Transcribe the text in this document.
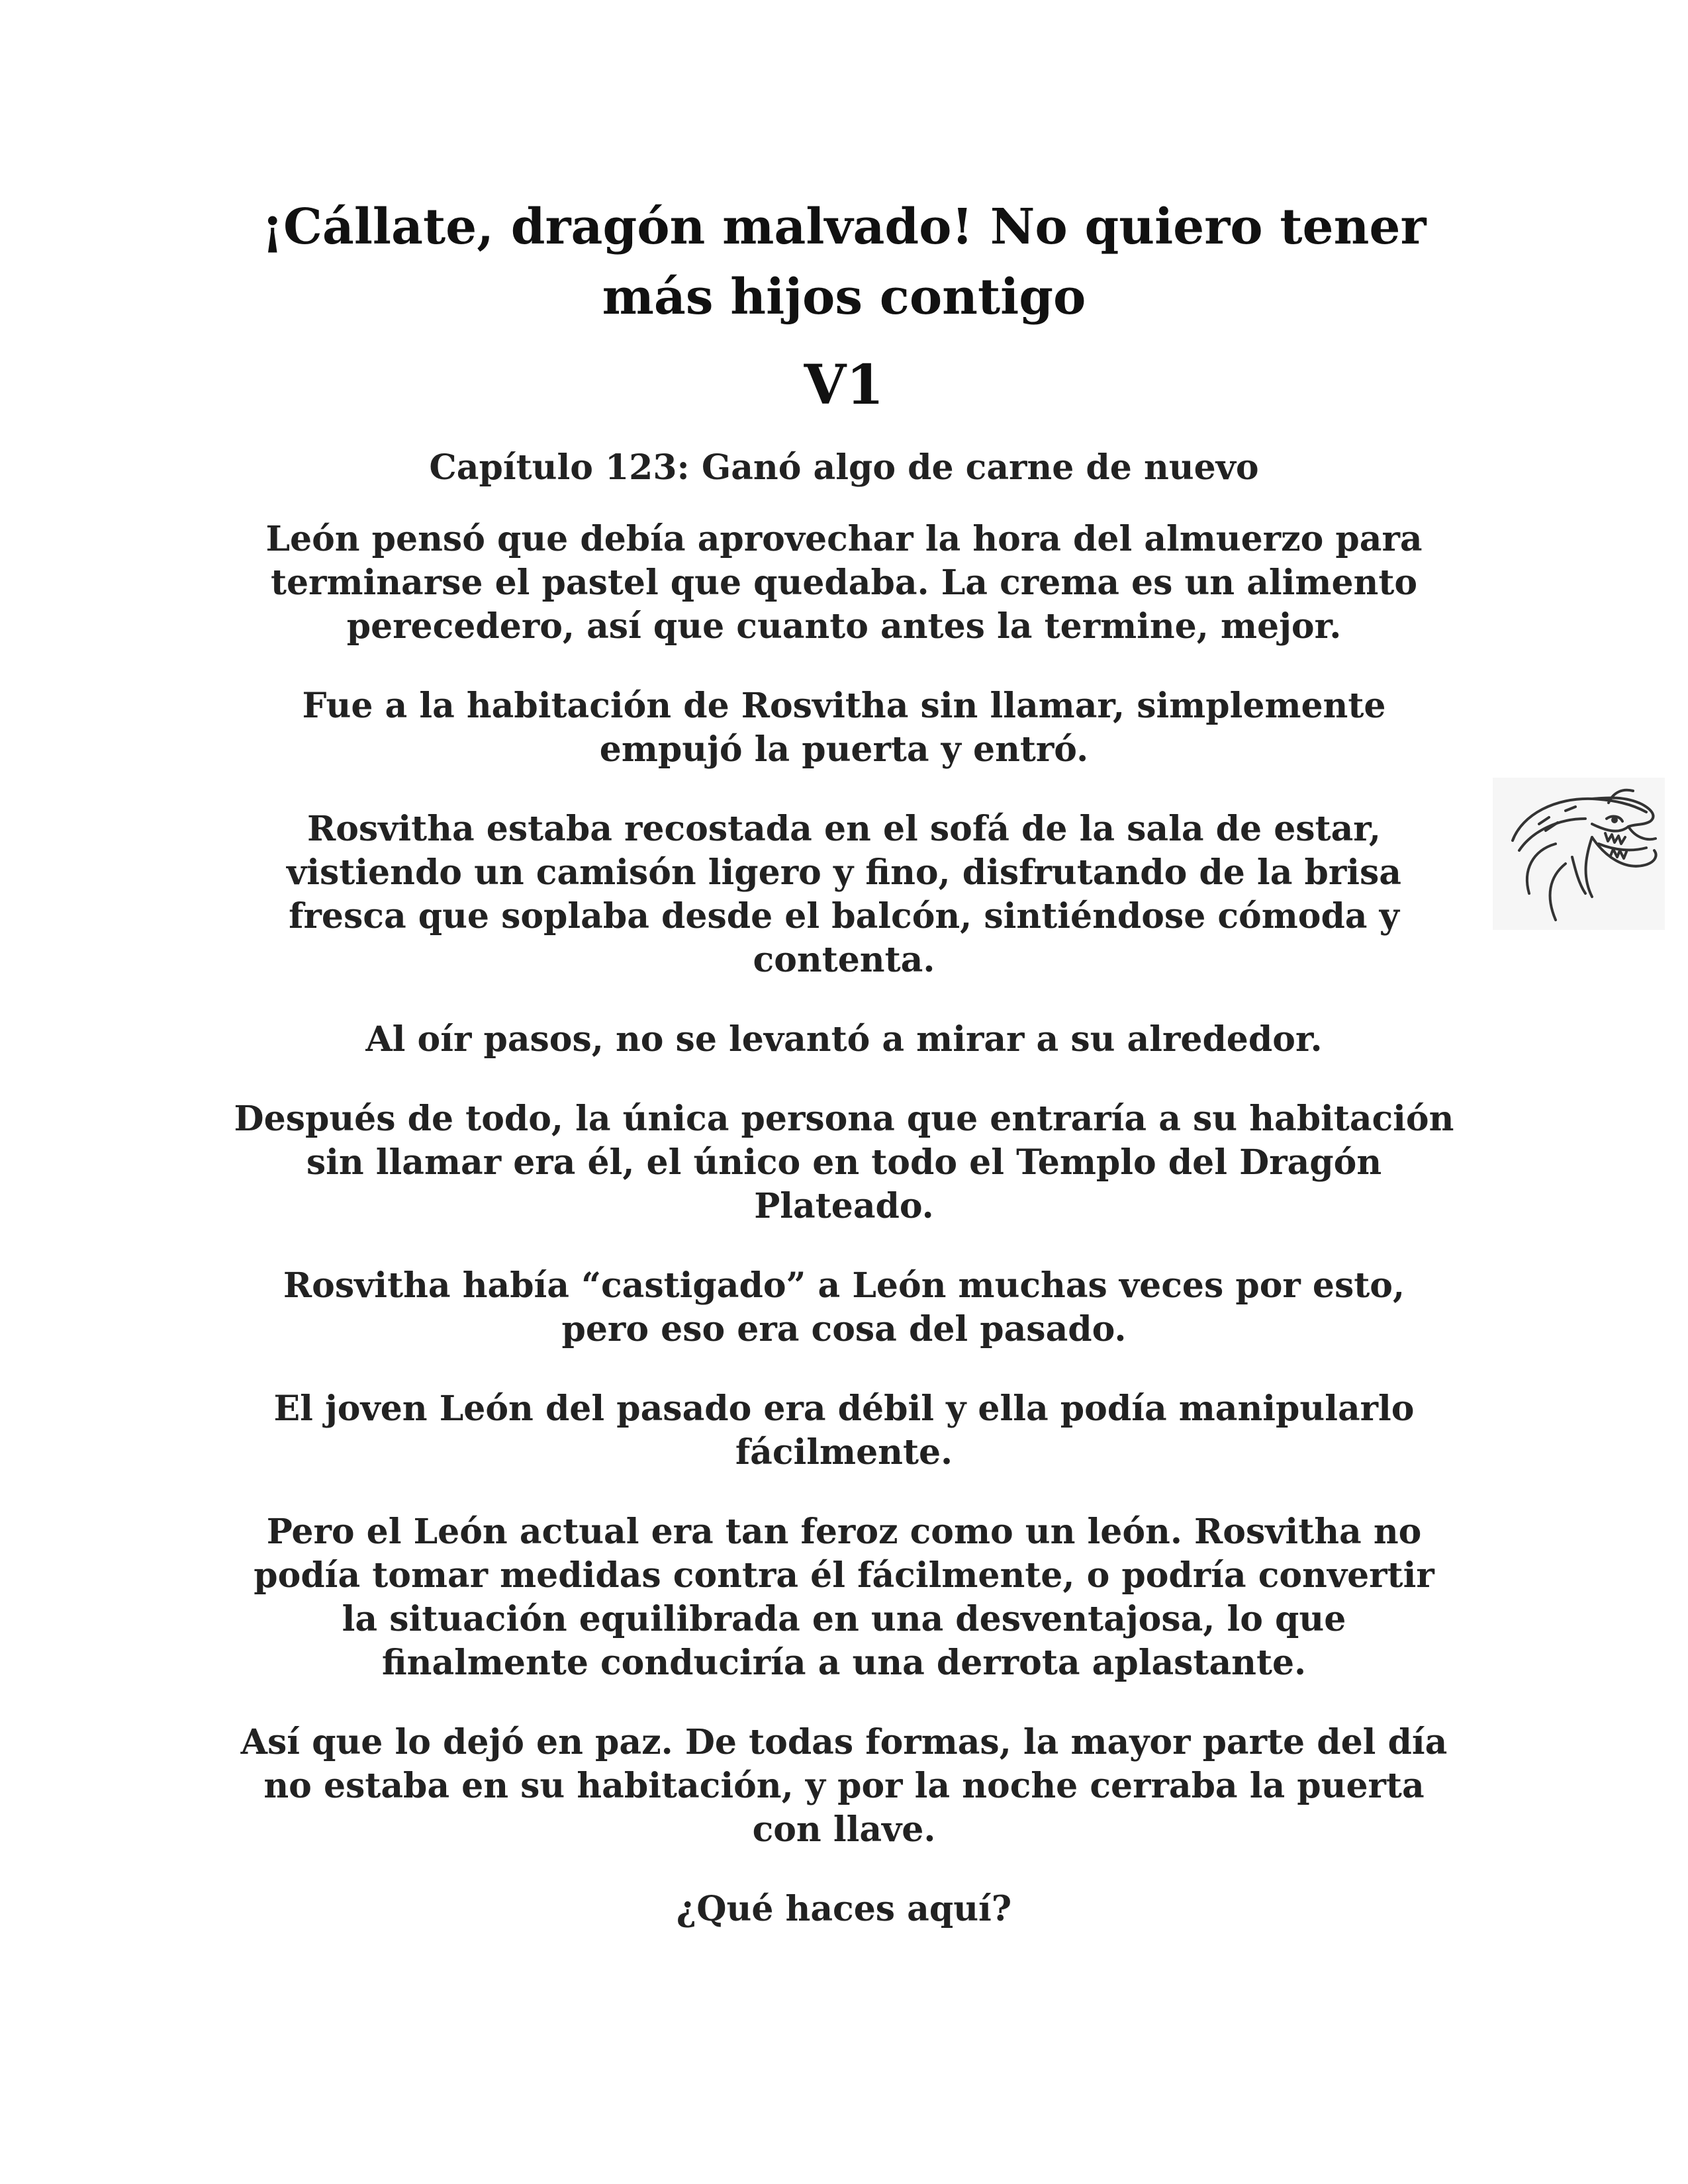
¡Cállate, dragón malvado! No quiero tener
más hijos contigo
V1
Capítulo 123: Ganó algo de carne de nuevo

León pensó que debía aprovechar la hora del almuerzo para
terminarse el pastel que quedaba. La crema es un alimento
perecedero, así que cuanto antes la termine, mejor.

Fue a la habitación de Rosvitha sin llamar, simplemente
empujó la puerta y entró.

Rosvitha estaba recostada en el sofá de la sala de estar,
vistiendo un camisón ligero y fino, disfrutando de la brisa
fresca que soplaba desde el balcón, sintiéndose cómoda y
contenta.

Al oír pasos, no se levantó a mirar a su alrededor.

Después de todo, la única persona que entraría a su habitación
sin llamar era él, el único en todo el Templo del Dragón
Plateado.

Rosvitha había “castigado” a León muchas veces por esto,
pero eso era cosa del pasado.

El joven León del pasado era débil y ella podía manipularlo
fácilmente.

Pero el León actual era tan feroz como un león. Rosvitha no
podía tomar medidas contra él fácilmente, o podría convertir
la situación equilibrada en una desventajosa, lo que
finalmente conduciría a una derrota aplastante.

Así que lo dejó en paz. De todas formas, la mayor parte del día
no estaba en su habitación, y por la noche cerraba la puerta
con llave.

¿Qué haces aquí?
